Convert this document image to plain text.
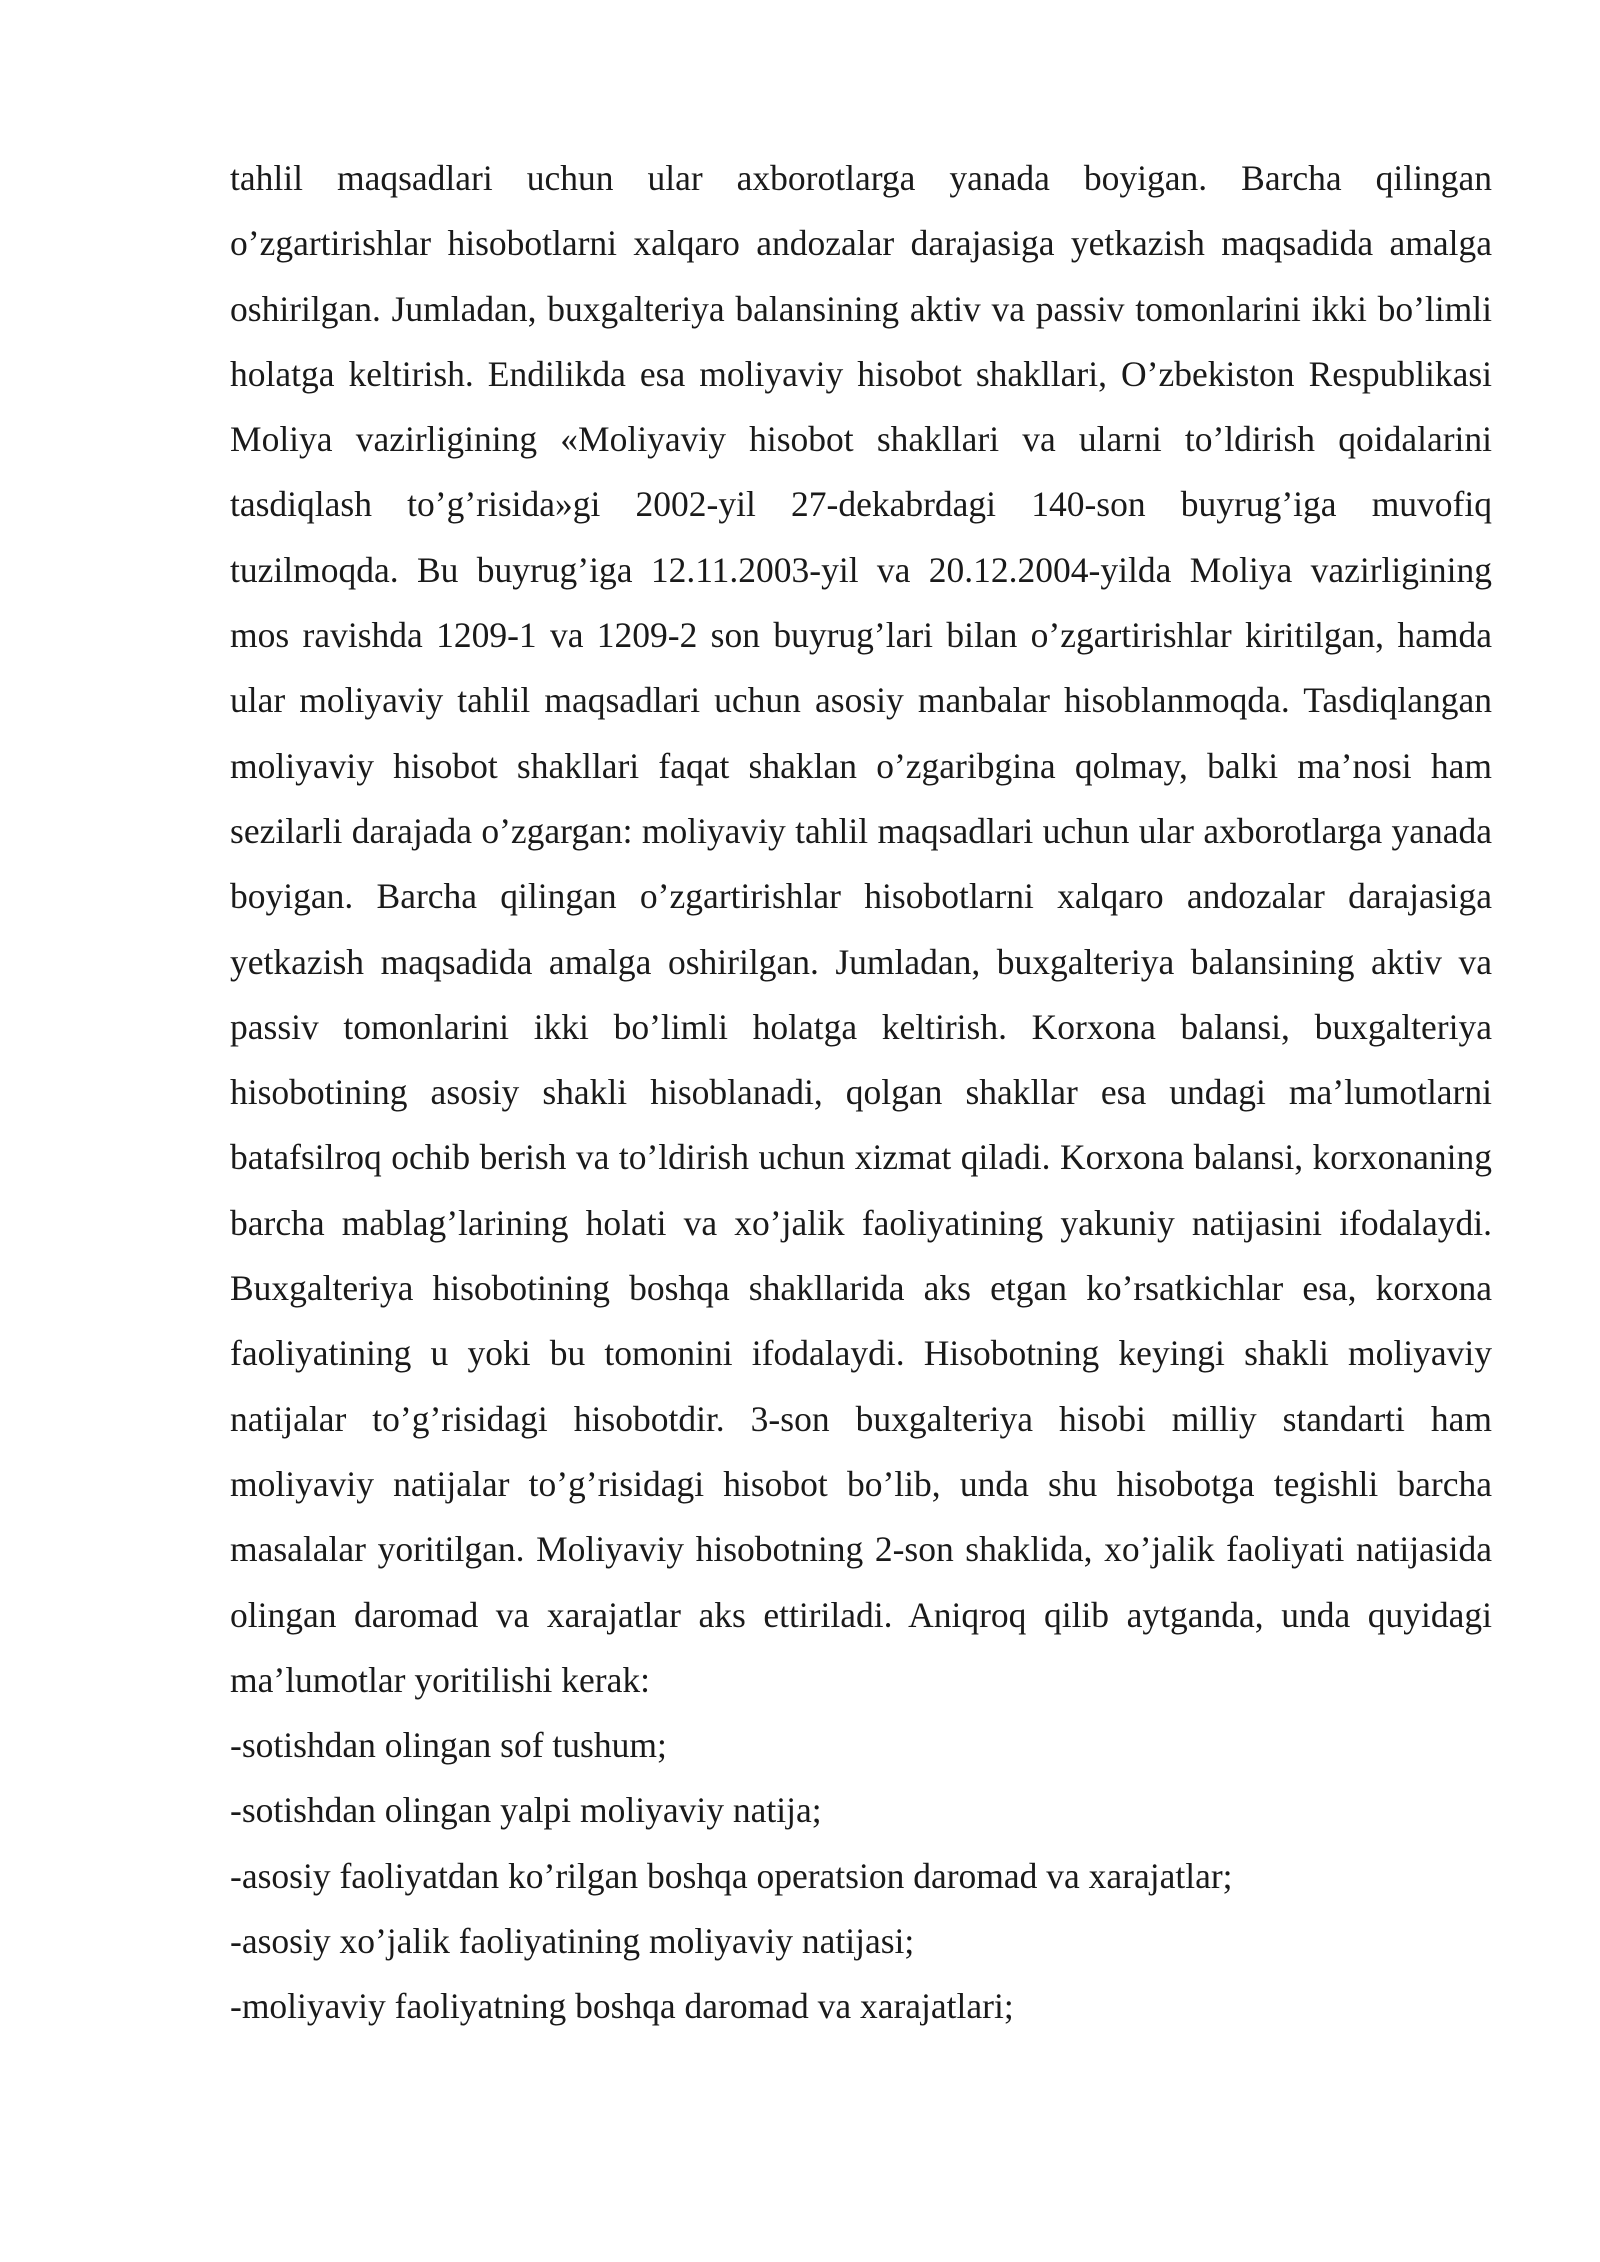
tahlil maqsadlari uchun ular axborotlarga yanada boyigan. Barcha qilingan o’zgartirishlar hisobotlarni xalqaro andozalar darajasiga yetkazish maqsadida amalga oshirilgan. Jumladan, buxgalteriya balansining aktiv va passiv tomonlarini ikki bo’limli holatga keltirish. Endilikda esa moliyaviy hisobot shakllari, O’zbekiston Respublikasi Moliya vazirligining «Moliyaviy hisobot shakllari va ularni to’ldirish qoidalarini tasdiqlash to’g’risida»gi 2002-yil 27-dekabrdagi 140-son buyrug’iga muvofiq tuzilmoqda. Bu buyrug’iga 12.11.2003-yil va 20.12.2004-yilda Moliya vazirligining mos ravishda 1209-1 va 1209-2 son buyrug’lari bilan o’zgartirishlar kiritilgan, hamda ular moliyaviy tahlil maqsadlari uchun asosiy manbalar hisoblanmoqda. Tasdiqlangan moliyaviy hisobot shakllari faqat shaklan o’zgaribgina qolmay, balki ma’nosi ham sezilarli darajada o’zgargan: moliyaviy tahlil maqsadlari uchun ular axborotlarga yanada boyigan. Barcha qilingan o’zgartirishlar hisobotlarni xalqaro andozalar darajasiga yetkazish maqsadida amalga oshirilgan. Jumladan, buxgalteriya balansining aktiv va passiv tomonlarini ikki bo’limli holatga keltirish. Korxona balansi, buxgalteriya hisobotining asosiy shakli hisoblanadi, qolgan shakllar esa undagi ma’lumotlarni batafsilroq ochib berish va to’ldirish uchun xizmat qiladi. Korxona balansi, korxonaning barcha mablag’larining holati va xo’jalik faoliyatining yakuniy natijasini ifodalaydi. Buxgalteriya hisobotining boshqa shakllarida aks etgan ko’rsatkichlar esa, korxona faoliyatining u yoki bu tomonini ifodalaydi. Hisobotning keyingi shakli moliyaviy natijalar to’g’risidagi hisobotdir. 3-son buxgalteriya hisobi milliy standarti ham moliyaviy natijalar to’g’risidagi hisobot bo’lib, unda shu hisobotga tegishli barcha masalalar yoritilgan. Moliyaviy hisobotning 2-son shaklida, xo’jalik faoliyati natijasida olingan daromad va xarajatlar aks ettiriladi. Aniqroq qilib aytganda, unda quyidagi ma’lumotlar yoritilishi kerak:

-sotishdan olingan sof tushum;
-sotishdan olingan yalpi moliyaviy natija;
-asosiy faoliyatdan ko’rilgan boshqa operatsion daromad va xarajatlar;
-asosiy xo’jalik faoliyatining moliyaviy natijasi;
-moliyaviy faoliyatning boshqa daromad va xarajatlari;
